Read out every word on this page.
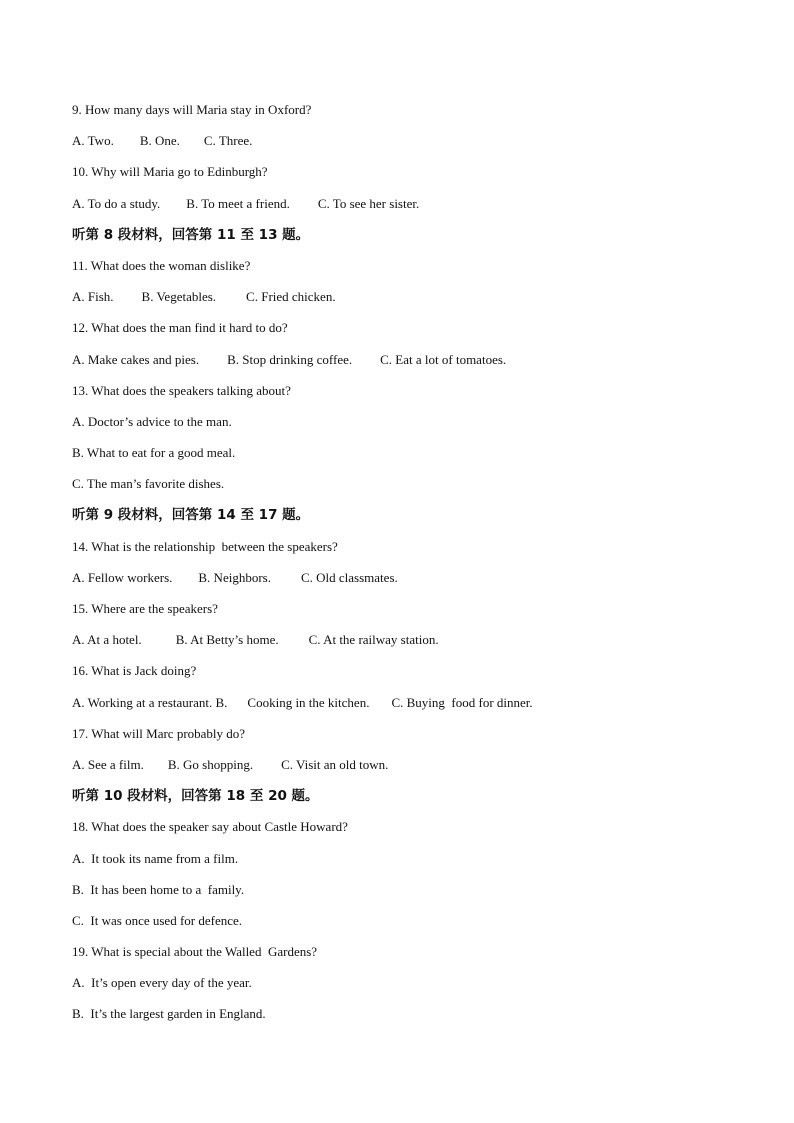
9. How many days will Maria stay in Oxford?
A. Two. B. One. C. Three.
10. Why will Maria go to Edinburgh?
A. To do a study. B. To meet a friend. C. To see her sister.
听第 8 段材料，回答第 11 至 13 题。
11. What does the woman dislike?
A. Fish. B. Vegetables. C. Fried chicken.
12. What does the man find it hard to do?
A. Make cakes and pies. B. Stop drinking coffee. C. Eat a lot of tomatoes.
13. What does the speakers talking about?
A. Doctor’s advice to the man.
B. What to eat for a good meal.
C. The man’s favorite dishes.
听第 9 段材料，回答第 14 至 17 题。
14. What is the relationship  between the speakers?
A. Fellow workers. B. Neighbors. C. Old classmates.
15. Where are the speakers?
A. At a hotel.	B. At Betty’s home. C. At the railway station.
16. What is Jack doing?
A. Working at a restaurant. B. Cooking in the kitchen. C. Buying  food for dinner.
17. What will Marc probably do?
A. See a film. B. Go shopping. C. Visit an old town.
听第 10 段材料，回答第 18 至 20 题。
18. What does the speaker say about Castle Howard?
A.  It took its name from a film.
B.  It has been home to a  family.
C.  It was once used for defence.
19. What is special about the Walled  Gardens?
A.  It’s open every day of the year.
B.  It’s the largest garden in England.
